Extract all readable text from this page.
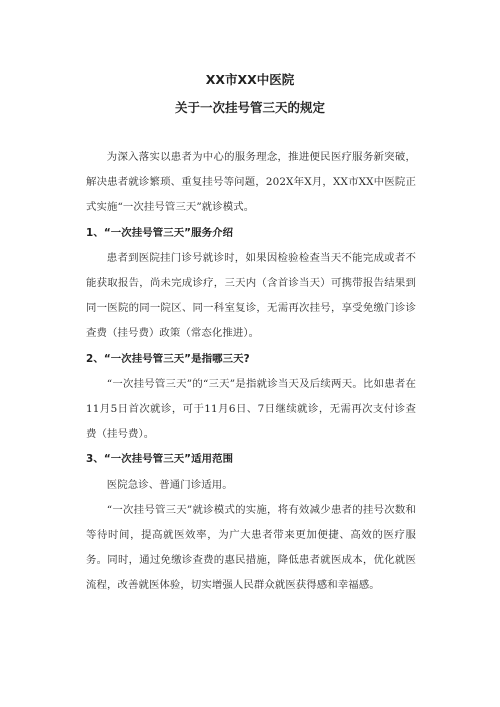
XX市XX中医院
关于一次挂号管三天的规定

为深入落实以患者为中心的服务理念，推进便民医疗服务新突破，解决患者就诊繁琐、重复挂号等问题，202X年X月，XX市XX中医院正式实施“一次挂号管三天”就诊模式。

1、“一次挂号管三天”服务介绍

患者到医院挂门诊号就诊时，如果因检验检查当天不能完成或者不能获取报告，尚未完成诊疗，三天内（含首诊当天）可携带报告结果到同一医院的同一院区、同一科室复诊，无需再次挂号，享受免缴门诊诊查费（挂号费）政策（常态化推进）。

2、“一次挂号管三天”是指哪三天?

“一次挂号管三天”的“三天”是指就诊当天及后续两天。比如患者在11月5日首次就诊，可于11月6日、7日继续就诊，无需再次支付诊查费（挂号费）。

3、“一次挂号管三天”适用范围

医院急诊、普通门诊适用。

“一次挂号管三天”就诊模式的实施，将有效减少患者的挂号次数和等待时间，提高就医效率，为广大患者带来更加便捷、高效的医疗服务。同时，通过免缴诊查费的惠民措施，降低患者就医成本，优化就医流程，改善就医体验，切实增强人民群众就医获得感和幸福感。
